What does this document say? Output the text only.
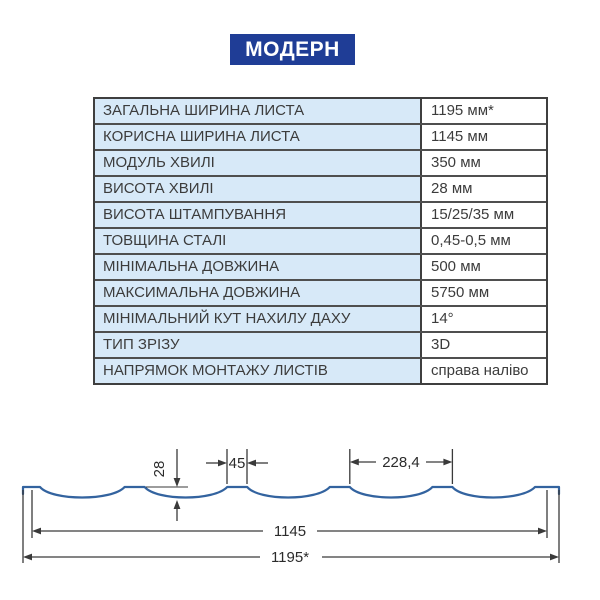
МОДЕРН
ЗАГАЛЬНА ШИРИНА ЛИСТА	1195 мм*
КОРИСНА ШИРИНА ЛИСТА	1145 мм
МОДУЛЬ ХВИЛІ	350 мм
ВИСОТА ХВИЛІ	28 мм
ВИСОТА ШТАМПУВАННЯ	15/25/35 мм
ТОВЩИНА СТАЛІ	0,45-0,5 мм
МІНІМАЛЬНА ДОВЖИНА	500 мм
МАКСИМАЛЬНА ДОВЖИНА	5750 мм
МІНІМАЛЬНИЙ КУТ НАХИЛУ ДАХУ	14°
ТИП ЗРІЗУ	3D
НАПРЯМОК МОНТАЖУ ЛИСТІВ	справа наліво
28	45	228,4
1145
1195*
